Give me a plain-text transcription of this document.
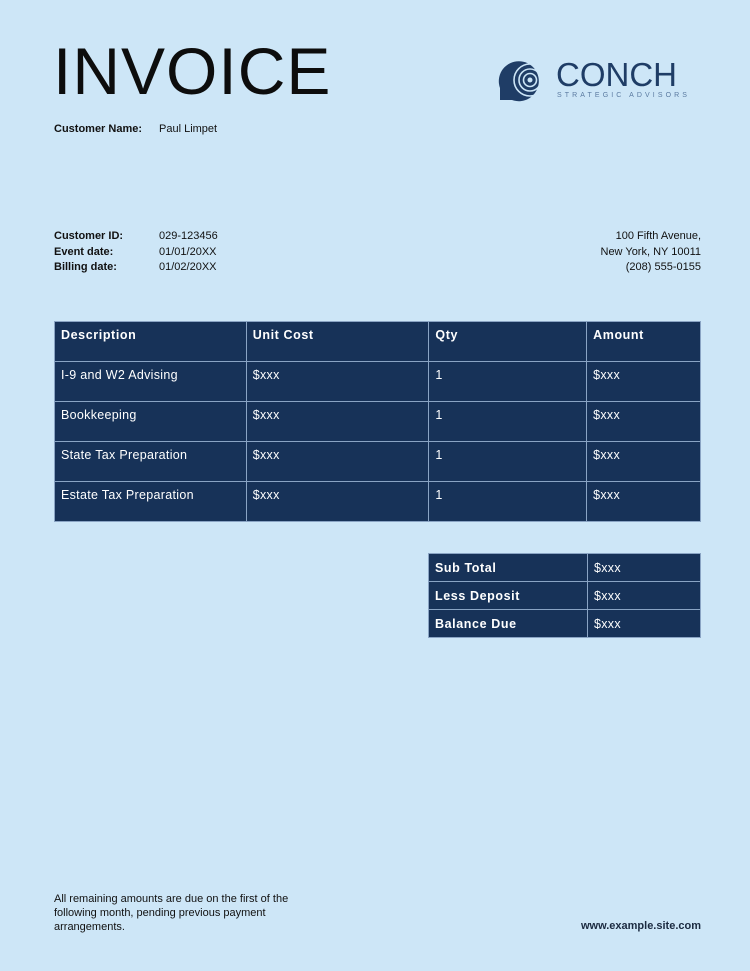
INVOICE	CONCH
STRATEGIC ADVISORS
Customer Name: Paul Limpet
Customer ID:	029-123456
Event date:	01/01/20XX
Billing date:	01/02/20XX
100 Fifth Avenue,
New York, NY 10011
(208) 555-0155
Description	Unit Cost	Qty	Amount
I-9 and W2 Advising	$xxx	1	$xxx
Bookkeeping	$xxx	1	$xxx
State Tax Preparation	$xxx	1	$xxx
Estate Tax Preparation	$xxx	1	$xxx
Sub Total	$xxx
Less Deposit	$xxx
Balance Due	$xxx
All remaining amounts are due on the first of the following month, pending previous payment arrangements.	www.example.site.com
